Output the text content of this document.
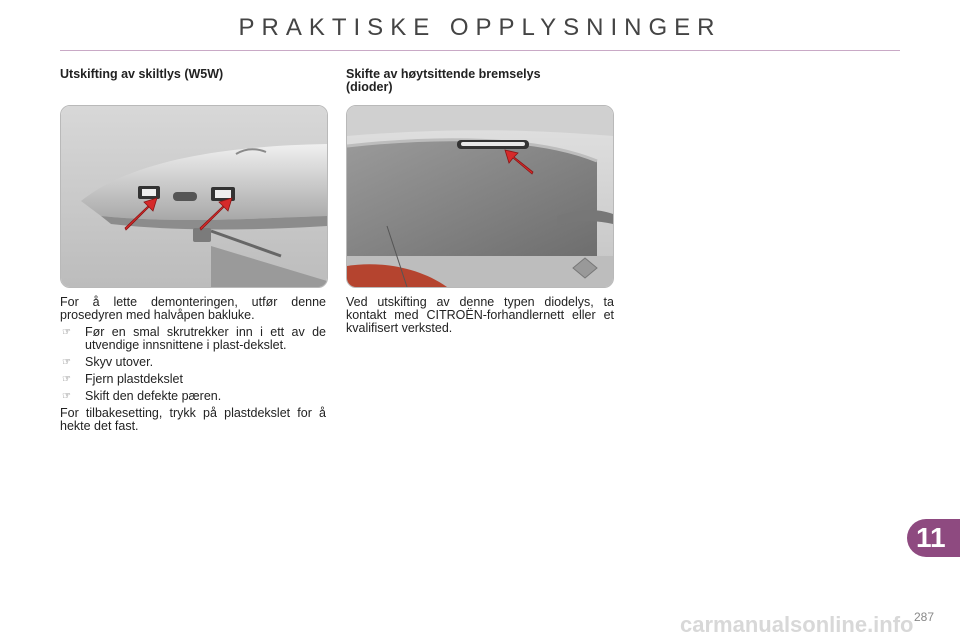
PRAKTISKE OPPLYSNINGER
Utskifting av skiltlys (W5W)

For å lette demonteringen, utfør denne prosedyren med halvåpen bakluke.

☞	Før en smal skrutrekker inn i ett av de utvendige innsnittene i plast-dekslet.
☞	Skyv utover.
☞	Fjern plastdekslet
☞	Skift den defekte pæren.

For tilbakesetting, trykk på plastdekslet for å hekte det fast.

Skifte av høytsittende bremselys
(dioder)

Ved utskifting av denne typen diodelys, ta kontakt med CITROËN-forhandlernett eller et kvalifisert verksted.

11
carmanualsonline.info 287
